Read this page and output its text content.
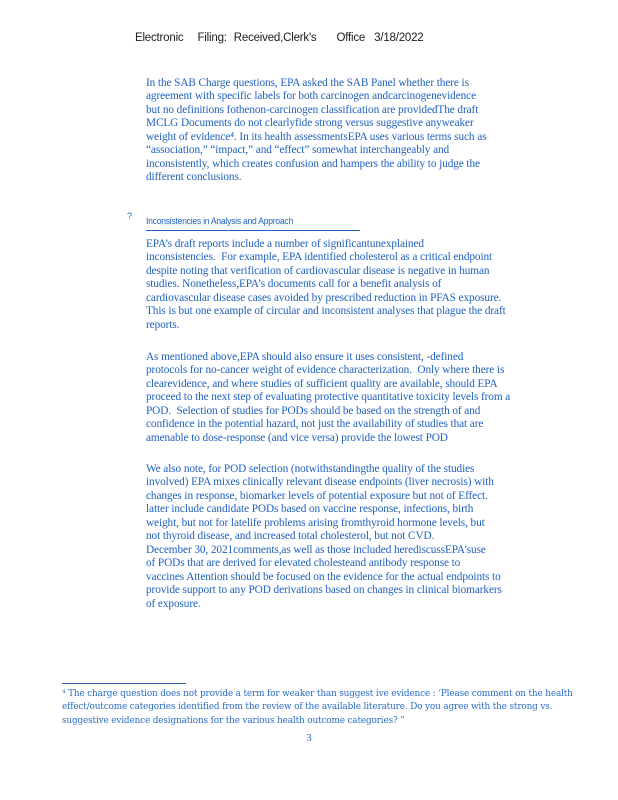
Electronic Filing: Received,Clerk's Office 3/18/2022

In the SAB Charge questions, EPA asked the SAB Panel whether there is
agreement with specific labels for both carcinogen andcarcinogenevidence
but no definitions fothenon-carcinogen classification are providedThe draft
MCLG Documents do not clearlyfide strong versus suggestive anyweaker
weight of evidence⁴. In its health assessmentsEPA uses various terms such as
“association,” “impact,” and “effect” somewhat interchangeably and
inconsistently, which creates confusion and hampers the ability to judge the
different conclusions.
? Inconsistencies in Analysis and Approach
EPA’s draft reports include a number of significantunexplained
inconsistencies.  For example, EPA identified cholesterol as a critical endpoint
despite noting that verification of cardiovascular disease is negative in human
studies. Nonetheless,EPA’s documents call for a benefit analysis of
cardiovascular disease cases avoided by prescribed reduction in PFAS exposure.
This is but one example of circular and inconsistent analyses that plague the draft
reports.
As mentioned above,EPA should also ensure it uses consistent, -defined
protocols for no-cancer weight of evidence characterization.  Only where there is
clearevidence, and where studies of sufficient quality are available, should EPA
proceed to the next step of evaluating protective quantitative toxicity levels from a
POD.  Selection of studies for PODs should be based on the strength of and
confidence in the potential hazard, not just the availability of studies that are
amenable to dose-response (and vice versa) provide the lowest POD
We also note, for POD selection (notwithstandingthe quality of the studies
involved) EPA mixes clinically relevant disease endpoints (liver necrosis) with
changes in response, biomarker levels of potential exposure but not of Effect.
latter include candidate PODs based on vaccine response, infections, birth
weight, but not for latelife problems arising fromthyroid hormone levels, but
not thyroid disease, and increased total cholesterol, but not CVD.
December 30, 2021comments,as well as those included herediscussEPA’suse
of PODs that are derived for elevated cholesteand antibody response to
vaccines Attention should be focused on the evidence for the actual endpoints to
provide support to any POD derivations based on changes in clinical biomarkers
of exposure.
⁴ The charge question does not provide a term for weaker than suggest ive evidence : ‘Please comment on the health
effect/outcome categories identified from the review of the available literature. Do you agree with the strong vs.
suggestive evidence designations for the various health outcome categories? ”
3
